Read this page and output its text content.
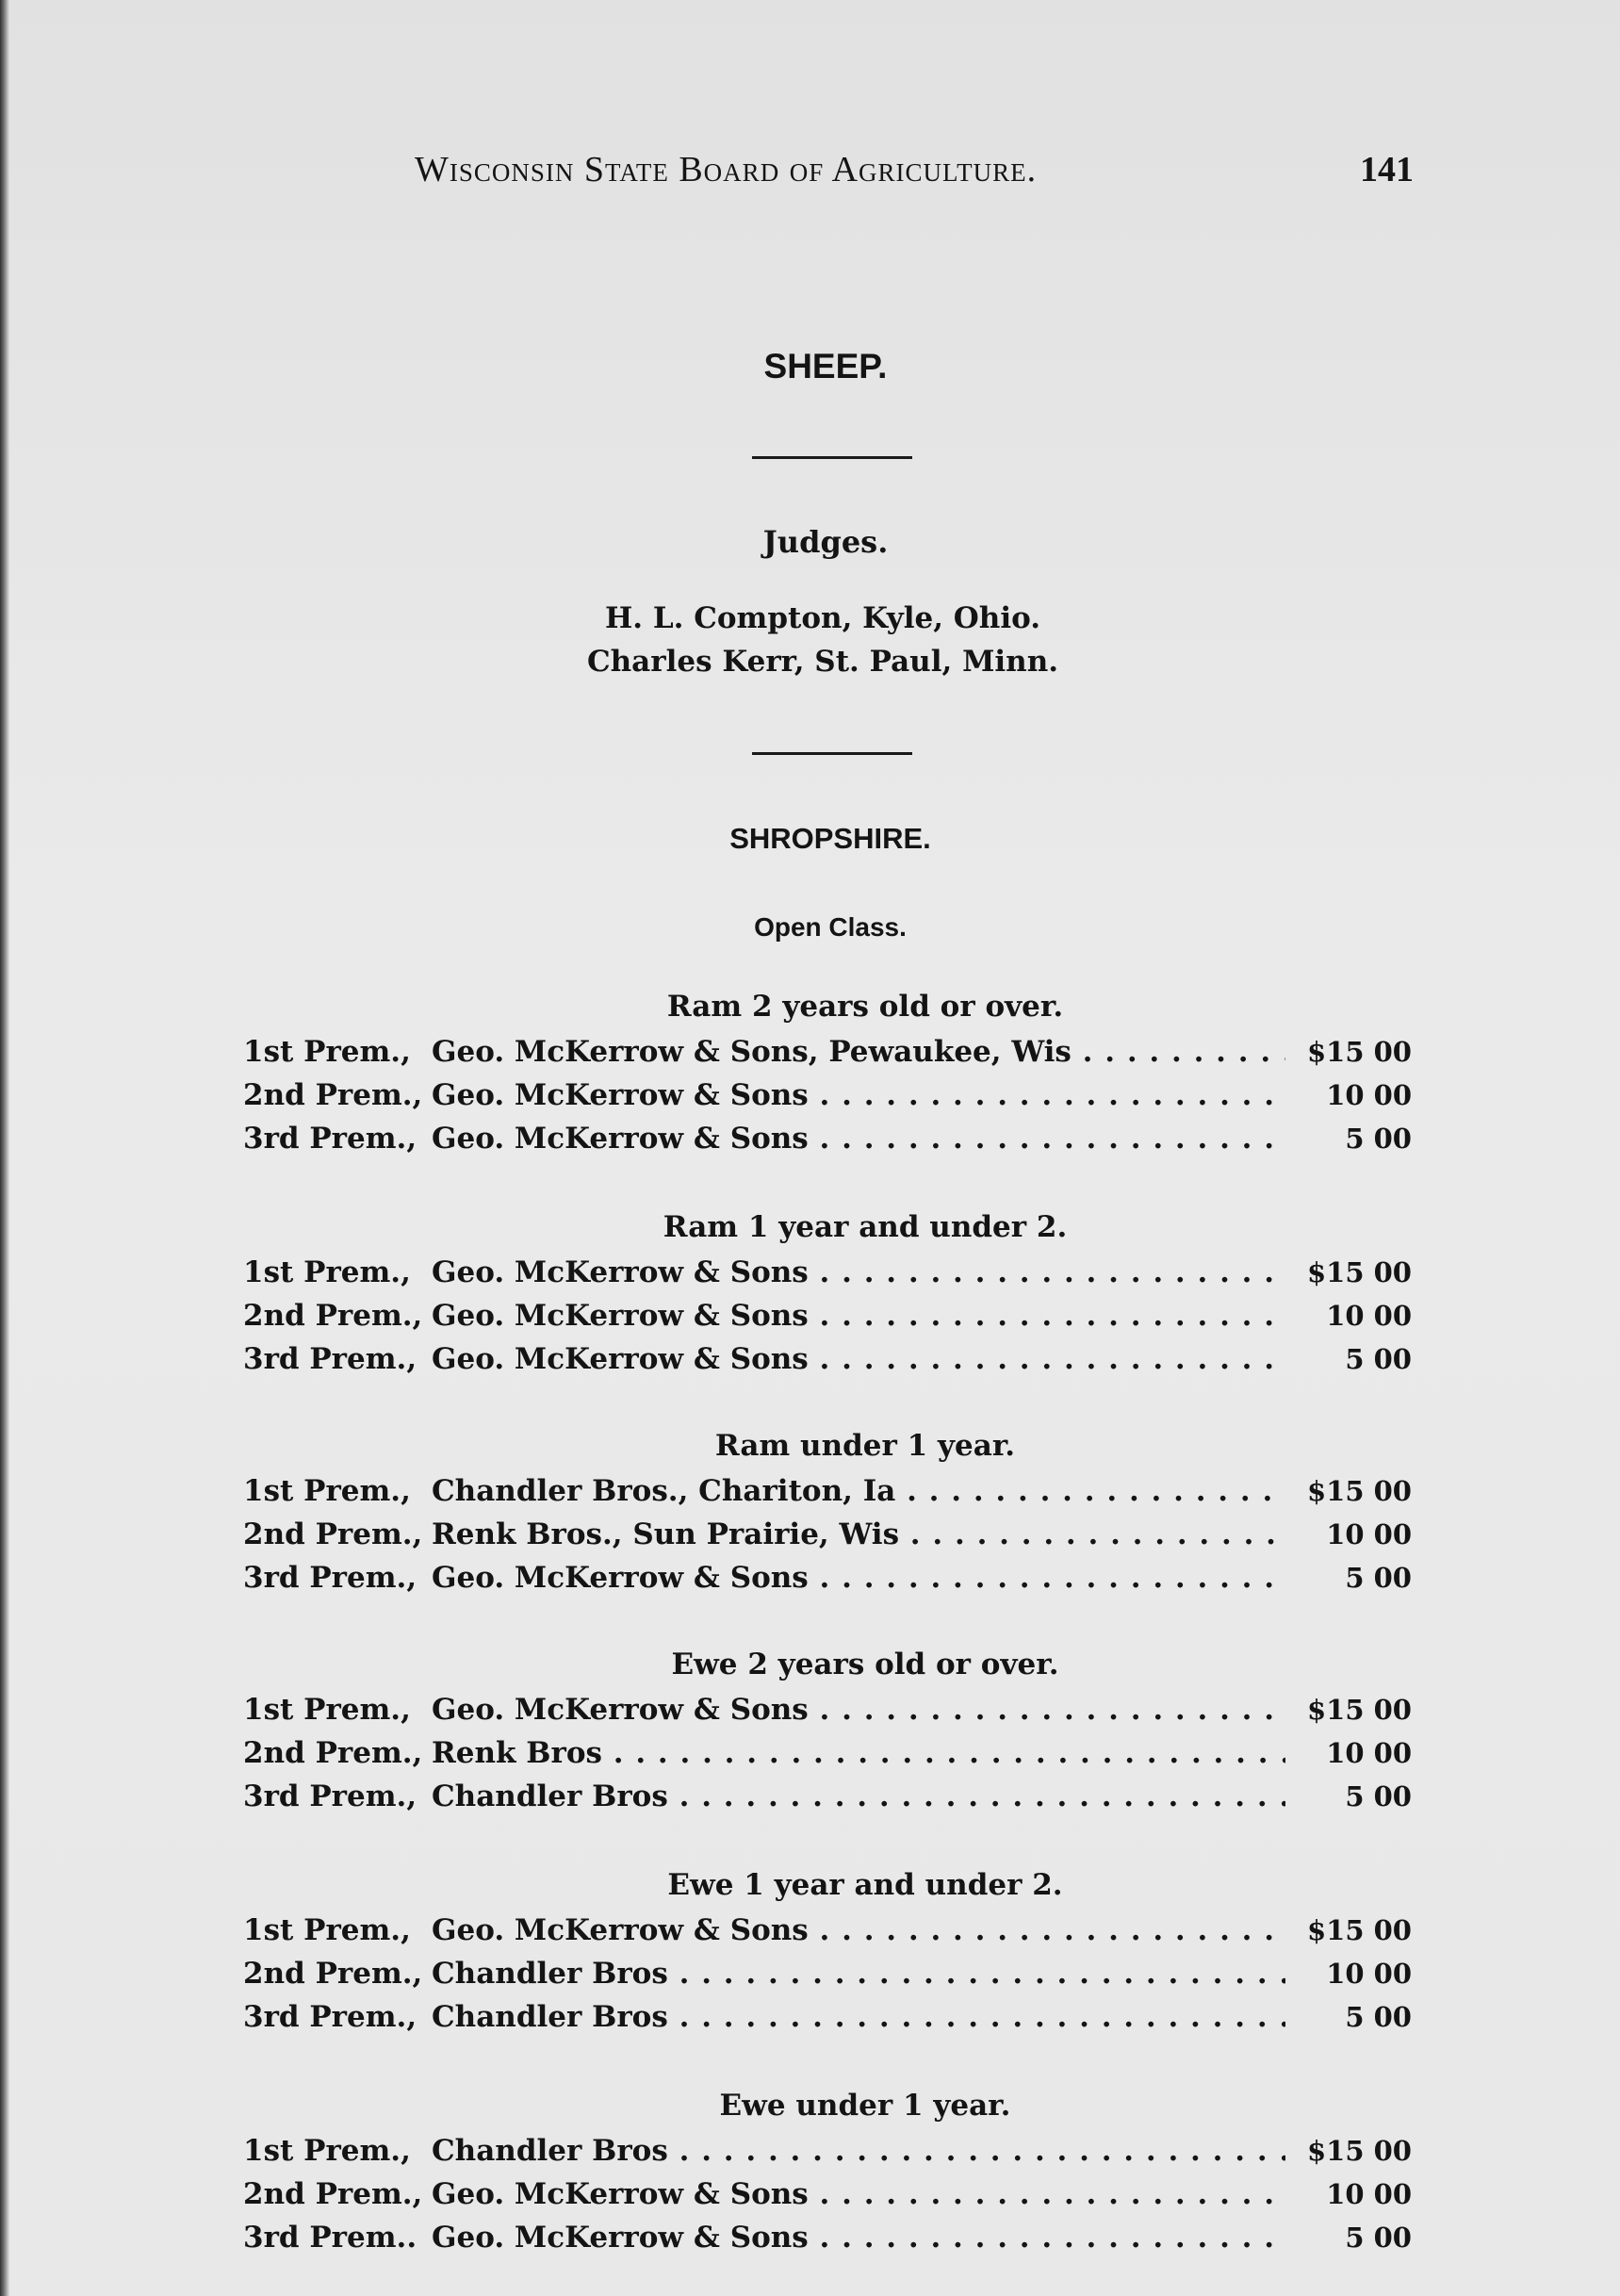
Wisconsin State Board of Agriculture.	141
SHEEP.
Judges.
H. L. Compton, Kyle, Ohio.
Charles Kerr, St. Paul, Minn.
SHROPSHIRE.
Open Class.
Ram 2 years old or over.
1st Prem., Geo. McKerrow & Sons, Pewaukee, Wis . . .	$15 00
2nd Prem., Geo. McKerrow & Sons . . .	10 00
3rd Prem., Geo. McKerrow & Sons . . .	5 00
Ram 1 year and under 2.
1st Prem., Geo. McKerrow & Sons . . .	$15 00
2nd Prem., Geo. McKerrow & Sons . . .	10 00
3rd Prem., Geo. McKerrow & Sons . . .	5 00
Ram under 1 year.
1st Prem., Chandler Bros., Chariton, Ia . . .	$15 00
2nd Prem., Renk Bros., Sun Prairie, Wis . . .	10 00
3rd Prem., Geo. McKerrow & Sons . . .	5 00
Ewe 2 years old or over.
1st Prem., Geo. McKerrow & Sons . . .	$15 00
2nd Prem., Renk Bros . . .	10 00
3rd Prem., Chandler Bros . . .	5 00
Ewe 1 year and under 2.
1st Prem., Geo. McKerrow & Sons . . .	$15 00
2nd Prem., Chandler Bros . . .	10 00
3rd Prem., Chandler Bros . . .	5 00
Ewe under 1 year.
1st Prem., Chandler Bros . . .	$15 00
2nd Prem., Geo. McKerrow & Sons . . .	10 00
3rd Prem.. Geo. McKerrow & Sons . . .	5 00
